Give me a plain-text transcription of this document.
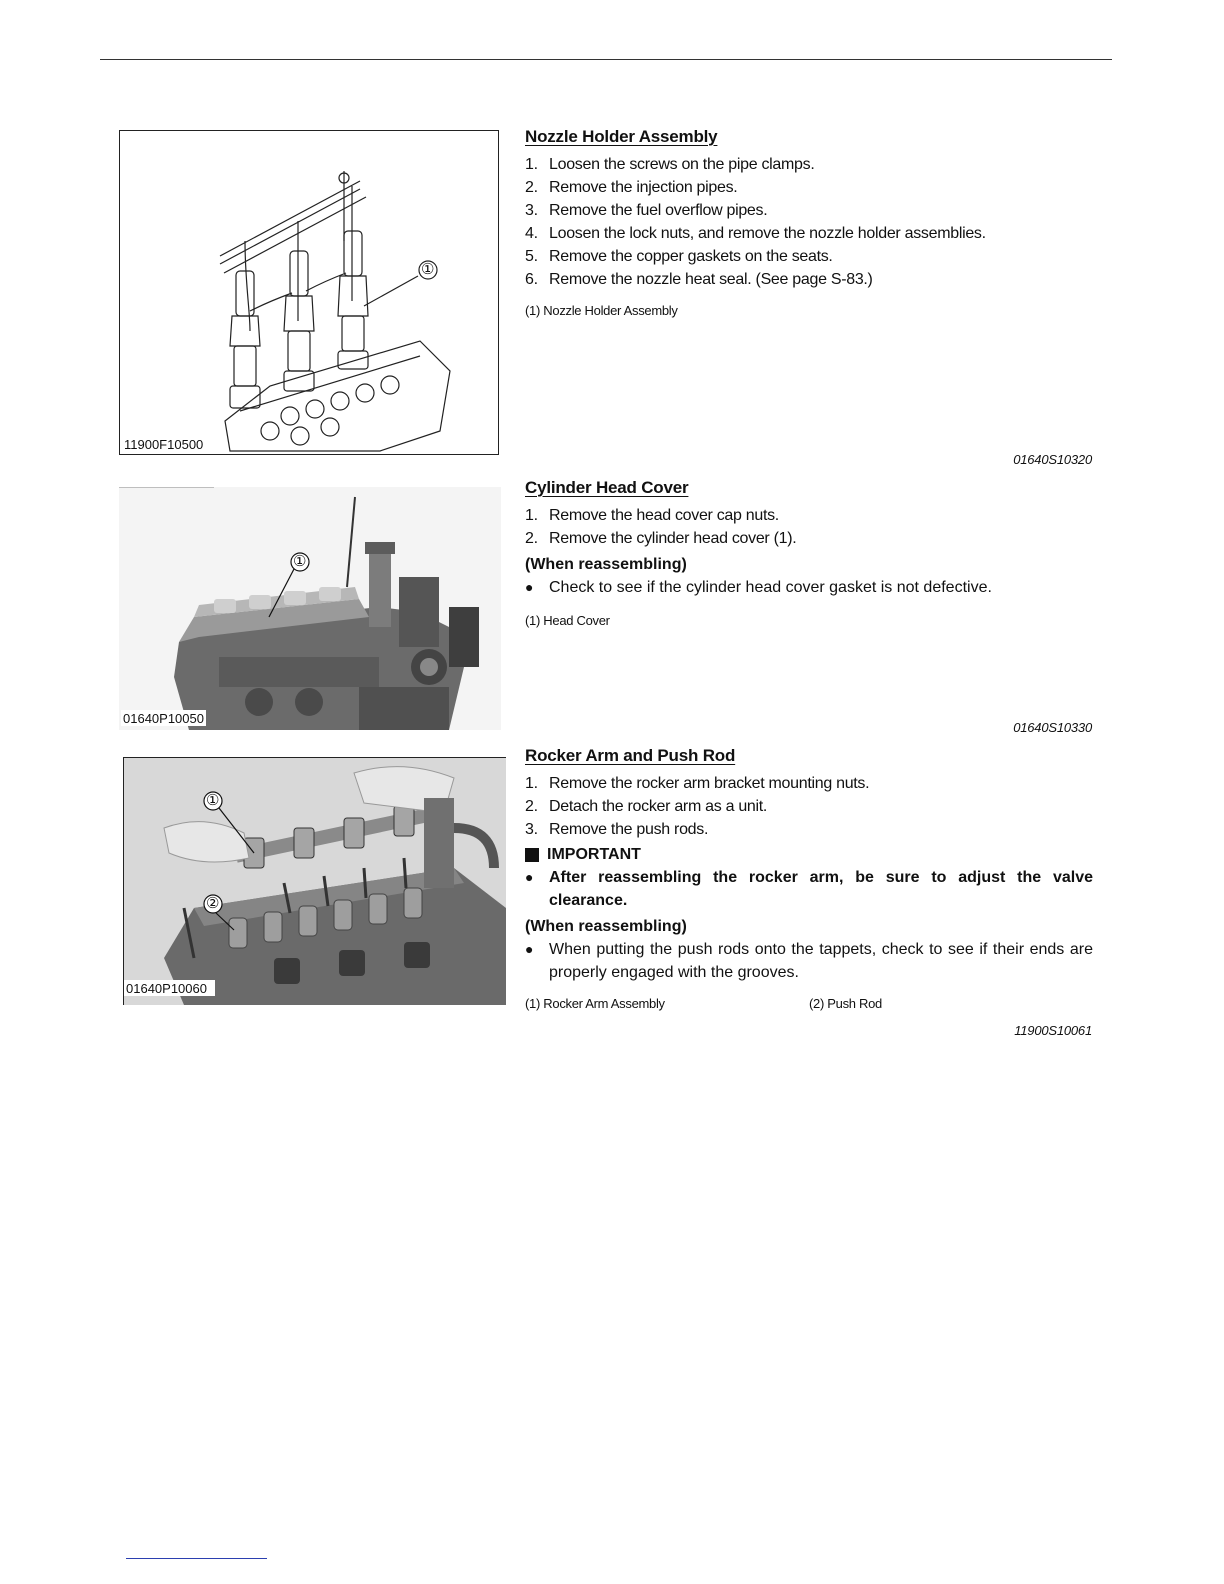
①
11900F10500
①
01640P10050
①
②
01640P10060
Nozzle Holder Assembly
1. Loosen the screws on the pipe clamps.
2. Remove the injection pipes.
3. Remove the fuel overflow pipes.
4. Loosen the lock nuts, and remove the nozzle holder assemblies.
5. Remove the copper gaskets on the seats.
6. Remove the nozzle heat seal. (See page S-83.)
(1) Nozzle Holder Assembly
01640S10320
Cylinder Head Cover
1. Remove the head cover cap nuts.
2. Remove the cylinder head cover (1).
(When reassembling)
● Check to see if the cylinder head cover gasket is not defective.
(1) Head Cover
01640S10330
Rocker Arm and Push Rod
1. Remove the rocker arm bracket mounting nuts.
2. Detach the rocker arm as a unit.
3. Remove the push rods.
IMPORTANT
● After reassembling the rocker arm, be sure to adjust the valve clearance.
(When reassembling)
● When putting the push rods onto the tappets, check to see if their ends are properly engaged with the grooves.
(1) Rocker Arm Assembly	(2) Push Rod
11900S10061
